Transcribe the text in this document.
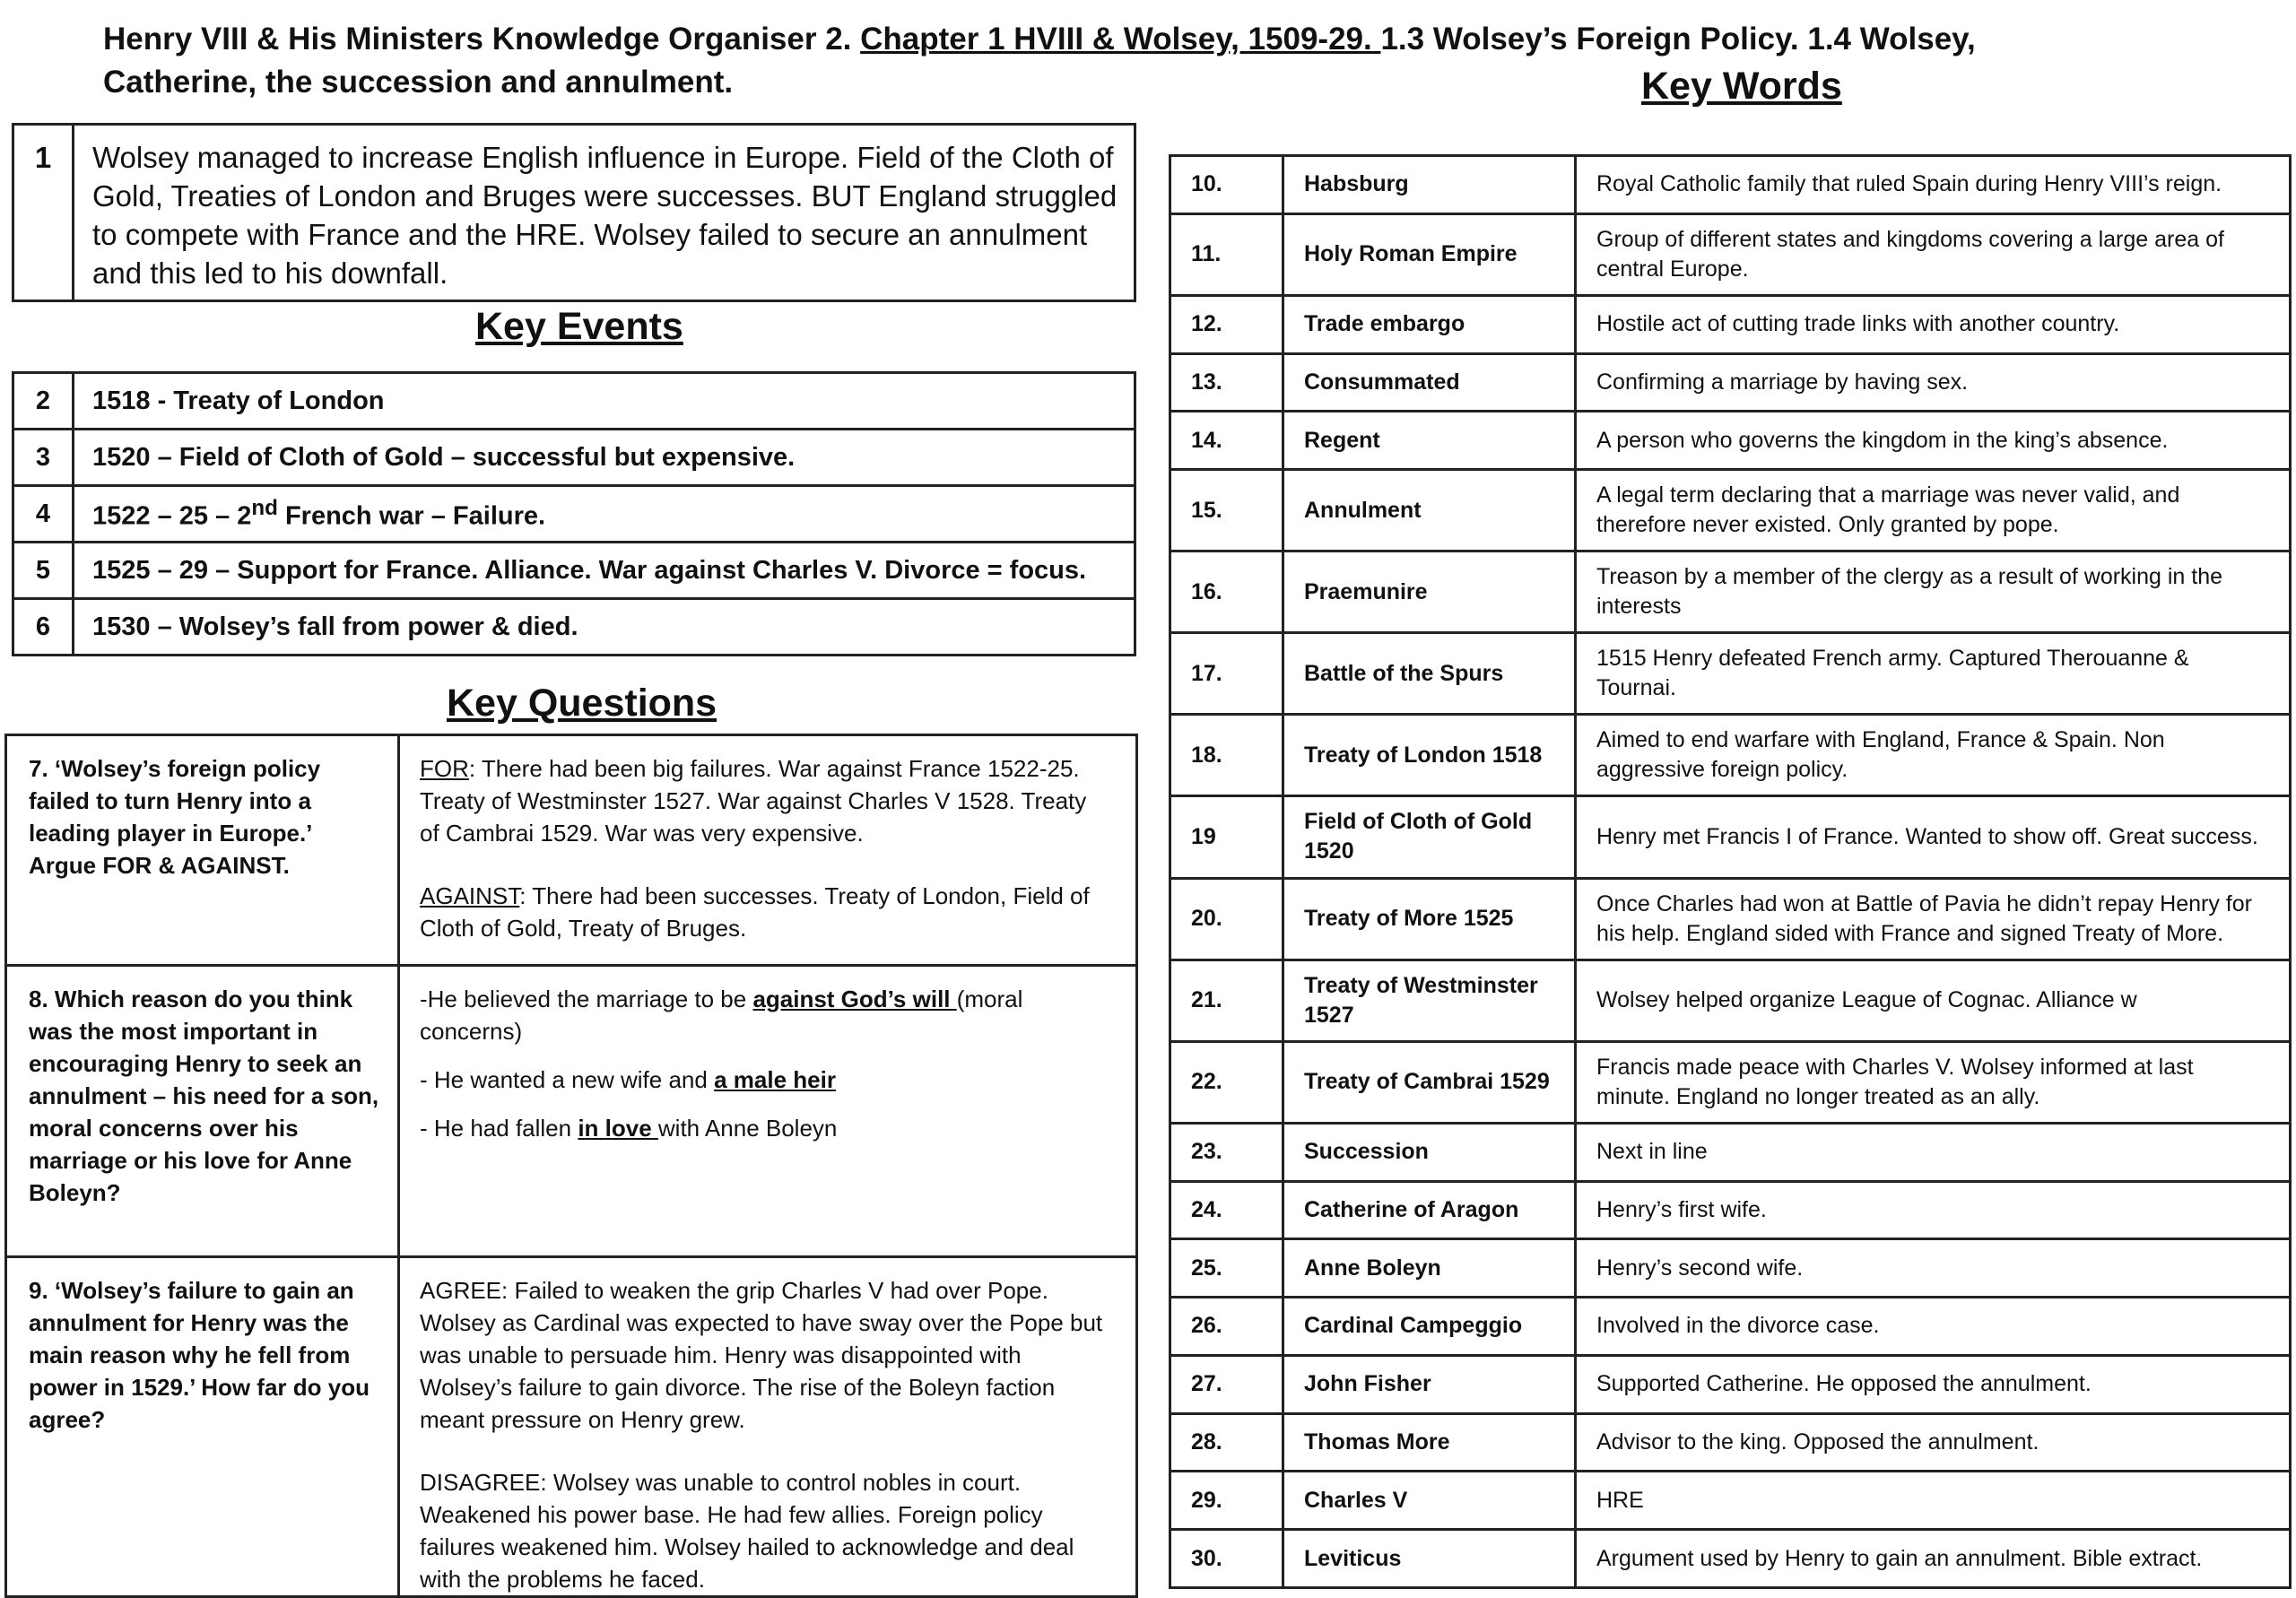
Henry VIII & His Ministers Knowledge Organiser 2. Chapter 1 HVIII & Wolsey, 1509-29. 1.3 Wolsey’s Foreign Policy. 1.4 Wolsey, Catherine, the succession and annulment.
1	Wolsey managed to increase English influence in Europe. Field of the Cloth of Gold, Treaties of London and Bruges were successes. BUT England struggled to compete with France and the HRE. Wolsey failed to secure an annulment and this led to his downfall.
Key Events
2	1518 - Treaty of London
3	1520 – Field of Cloth of Gold – successful but expensive.
4	1522 – 25 – 2nd French war – Failure.
5	1525 – 29 – Support for France. Alliance. War against Charles V. Divorce = focus.
6	1530 – Wolsey’s fall from power & died.
Key Questions
7. ‘Wolsey’s foreign policy failed to turn Henry into a leading player in Europe.’ Argue FOR & AGAINST.	FOR: There had been big failures. War against France 1522-25. Treaty of Westminster 1527. War against Charles V 1528. Treaty of Cambrai 1529. War was very expensive.

AGAINST: There had been successes. Treaty of London, Field of Cloth of Gold, Treaty of Bruges.

8. Which reason do you think was the most important in encouraging Henry to seek an annulment – his need for a son, moral concerns over his marriage or his love for Anne Boleyn?	-He believed the marriage to be against God’s will (moral concerns)

- He wanted a new wife and a male heir

- He had fallen in love with Anne Boleyn

9. ‘Wolsey’s failure to gain an annulment for Henry was the main reason why he fell from power in 1529.’ How far do you agree?	AGREE: Failed to weaken the grip Charles V had over Pope. Wolsey as Cardinal was expected to have sway over the Pope but was unable to persuade him. Henry was disappointed with Wolsey’s failure to gain divorce. The rise of the Boleyn faction meant pressure on Henry grew.

DISAGREE: Wolsey was unable to control nobles in court. Weakened his power base. He had few allies. Foreign policy failures weakened him. Wolsey hailed to acknowledge and deal with the problems he faced.

Key Words
10.	Habsburg	Royal Catholic family that ruled Spain during Henry VIII’s reign.
11.	Holy Roman Empire	Group of different states and kingdoms covering a large area of central Europe.
12.	Trade embargo	Hostile act of cutting trade links with another country.
13.	Consummated	Confirming a marriage by having sex.
14.	Regent	A person who governs the kingdom in the king’s absence.
15.	Annulment	A legal term declaring that a marriage was never valid, and therefore never existed. Only granted by pope.
16.	Praemunire	Treason by a member of the clergy as a result of working in the interests
17.	Battle of the Spurs	1515 Henry defeated French army. Captured Therouanne & Tournai.
18.	Treaty of London 1518	Aimed to end warfare with England, France & Spain. Non aggressive foreign policy.
19	Field of Cloth of Gold 1520	Henry met Francis I of France. Wanted to show off. Great success.
20.	Treaty of More 1525	Once Charles had won at Battle of Pavia he didn’t repay Henry for his help. England sided with France and signed Treaty of More.
21.	Treaty of Westminster 1527	Wolsey helped organize League of Cognac. Alliance w
22.	Treaty of Cambrai 1529	Francis made peace with Charles V. Wolsey informed at last minute. England no longer treated as an ally.
23.	Succession	Next in line
24.	Catherine of Aragon	Henry’s first wife.
25.	Anne Boleyn	Henry’s second wife.
26.	Cardinal Campeggio	Involved in the divorce case.
27.	John Fisher	Supported Catherine. He opposed the annulment.
28.	Thomas More	Advisor to the king. Opposed the annulment.
29.	Charles V	HRE
30.	Leviticus	Argument used by Henry to gain an annulment. Bible extract.
